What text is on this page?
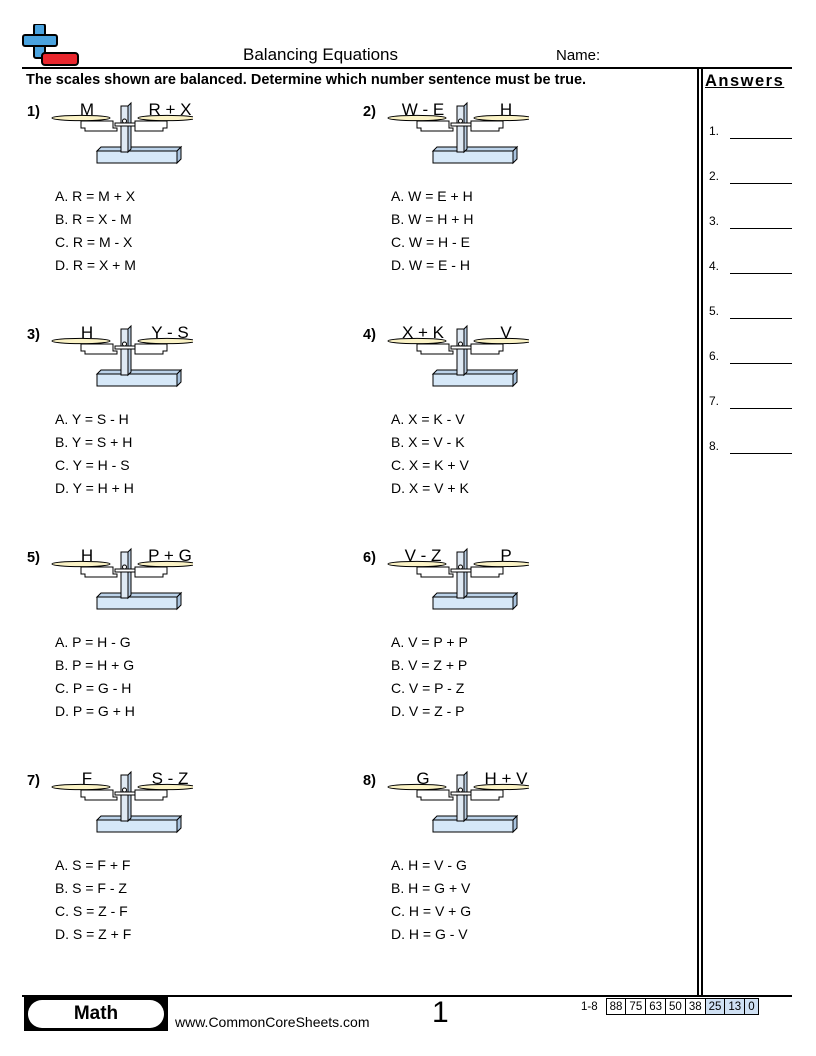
Balancing Equations	Name:
The scales shown are balanced. Determine which number sentence must be true.	Answers
1.
2.
3.
4.
5.
6.
7.
8.
1)	M	R + X
A. R = M + X
B. R = X - M
C. R = M - X
D. R = X + M
2)	W - E	H
A. W = E + H
B. W = H + H
C. W = H - E
D. W = E - H
3)	H	Y - S
A. Y = S - H
B. Y = S + H
C. Y = H - S
D. Y = H + H
4)	X + K	V
A. X = K - V
B. X = V - K
C. X = K + V
D. X = V + K
5)	H	P + G
A. P = H - G
B. P = H + G
C. P = G - H
D. P = G + H
6)	V - Z	P
A. V = P + P
B. V = Z + P
C. V = P - Z
D. V = Z - P
7)	F	S - Z
A. S = F + F
B. S = F - Z
C. S = Z - F
D. S = Z + F
8)	G	H + V
A. H = V - G
B. H = G + V
C. H = V + G
D. H = G - V
Math	www.CommonCoreSheets.com 1	1-8	88	75	63	50	38	25	13	0
